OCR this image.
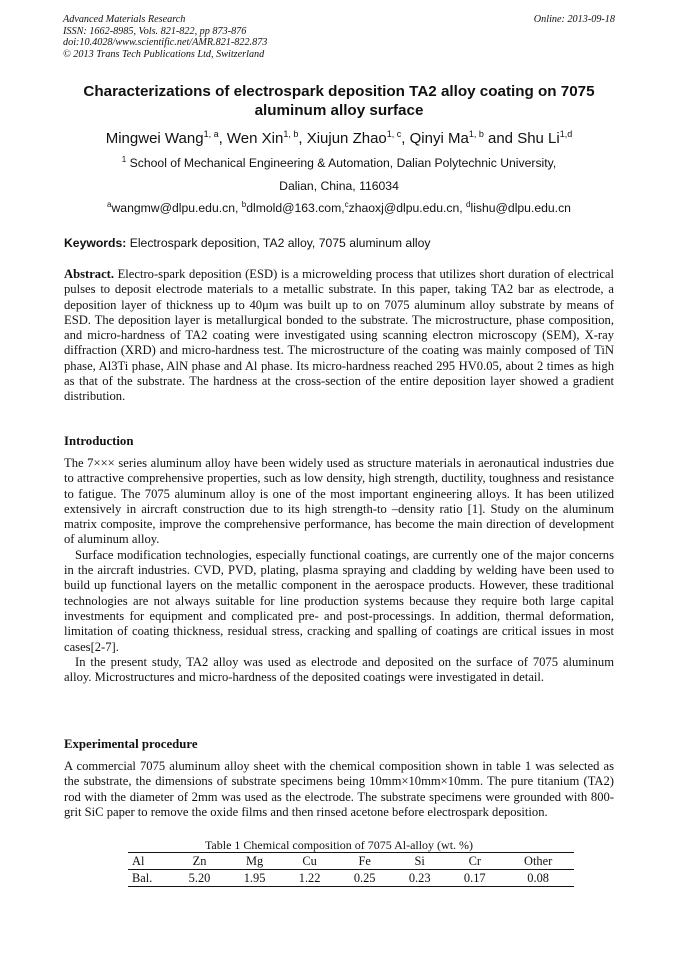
Advanced Materials Research
ISSN: 1662-8985, Vols. 821-822, pp 873-876
doi:10.4028/www.scientific.net/AMR.821-822.873
© 2013 Trans Tech Publications Ltd, Switzerland
Online: 2013-09-18
Characterizations of electrospark deposition TA2 alloy coating on 7075
aluminum alloy surface
Mingwei Wang$^{1, a}$, Wen Xin$^{1, b}$, Xiujun Zhao$^{1, c}$, Qinyi Ma$^{1, b}$ and Shu Li$^{1,d}$
$^1$ School of Mechanical Engineering & Automation, Dalian Polytechnic University,
Dalian, China, 116034
$^a$wangmw@dlpu.edu.cn, $^b$dlmold@163.com,$^c$zhaoxj@dlpu.edu.cn, $^d$lishu@dlpu.edu.cn
Keywords: Electrospark deposition, TA2 alloy, 7075 aluminum alloy

Abstract. Electro-spark deposition (ESD) is a microwelding process that utilizes short duration of electrical pulses to deposit electrode materials to a metallic substrate. In this paper, taking TA2 bar as electrode, a deposition layer of thickness up to 40μm was built up to on 7075 aluminum alloy substrate by means of ESD. The deposition layer is metallurgical bonded to the substrate. The microstructure, phase composition, and micro-hardness of TA2 coating were investigated using scanning electron microscopy (SEM), X-ray diffraction (XRD) and micro-hardness test. The microstructure of the coating was mainly composed of TiN phase, Al3Ti phase, AlN phase and Al phase. Its micro-hardness reached 295 HV0.05, about 2 times as high as that of the substrate. The hardness at the cross-section of the entire deposition layer showed a gradient distribution.

Introduction

The 7××× series aluminum alloy have been widely used as structure materials in aeronautical industries due to attractive comprehensive properties, such as low density, high strength, ductility, toughness and resistance to fatigue. The 7075 aluminum alloy is one of the most important engineering alloys. It has been utilized extensively in aircraft construction due to its high strength-to –density ratio [1]. Study on the aluminum matrix composite, improve the comprehensive performance, has become the main direction of development of aluminum alloy.

Surface modification technologies, especially functional coatings, are currently one of the major concerns in the aircraft industries. CVD, PVD, plating, plasma spraying and cladding by welding have been used to build up functional layers on the metallic component in the aerospace products. However, these traditional technologies are not always suitable for line production systems because they require both large capital investments for equipment and complicated pre- and post-processings. In addition, thermal deformation, limitation of coating thickness, residual stress, cracking and spalling of coatings are critical issues in most cases[2-7].

In the present study, TA2 alloy was used as electrode and deposited on the surface of 7075 aluminum alloy. Microstructures and micro-hardness of the deposited coatings were investigated in detail.

Experimental procedure

A commercial 7075 aluminum alloy sheet with the chemical composition shown in table 1 was selected as the substrate, the dimensions of substrate specimens being 10mm×10mm×10mm. The pure titanium (TA2) rod with the diameter of 2mm was used as the electrode. The substrate specimens were grounded with 800-grit SiC paper to remove the oxide films and then rinsed acetone before electrospark deposition.

Table 1 Chemical composition of 7075 Al-alloy (wt. %)
Al	Zn	Mg	Cu	Fe	Si	Cr	Other
Bal.	5.20	1.95	1.22	0.25	0.23	0.17	0.08
